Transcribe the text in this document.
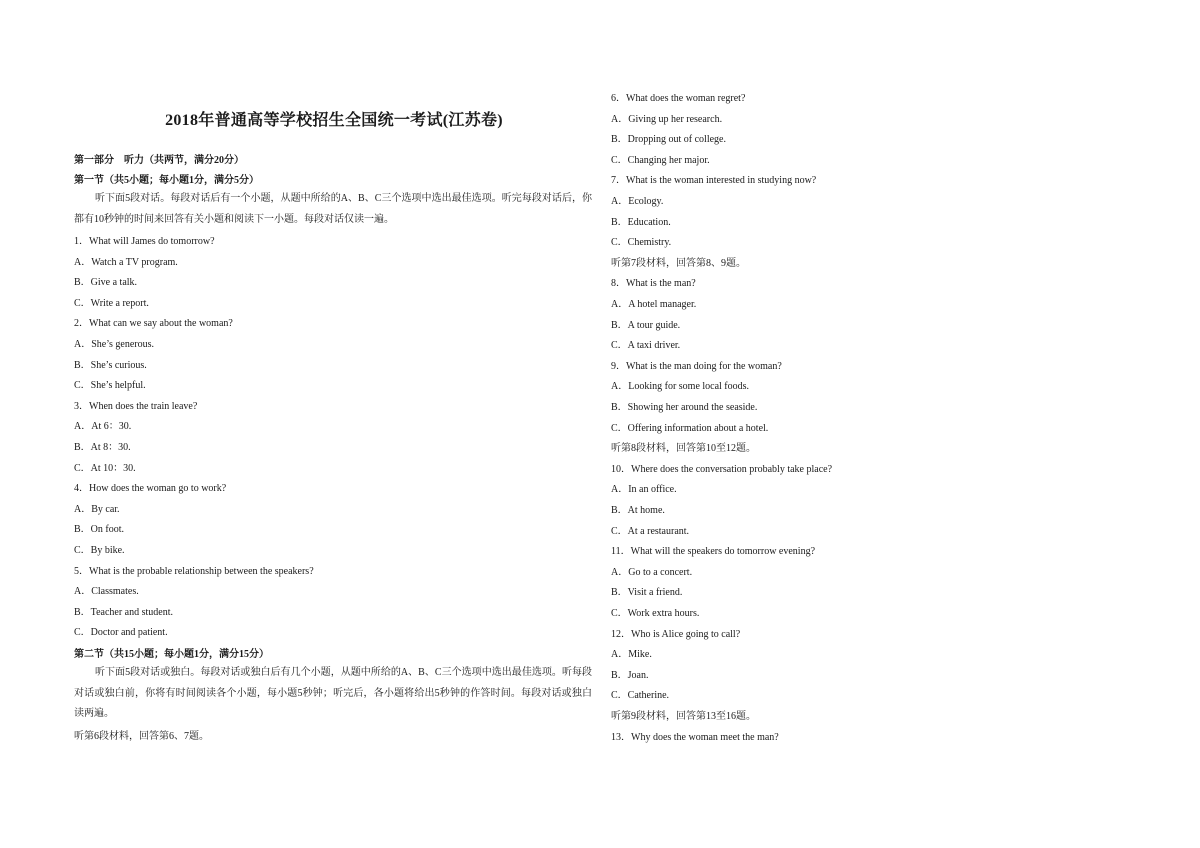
2018年普通高等学校招生全国统一考试(江苏卷)
第一部分　听力（共两节，满分20分）
第一节（共5小题；每小题1分，满分5分）
听下面5段对话。每段对话后有一个小题，从题中所给的A、B、C三个选项中选出最佳选项。听完每段对话后，你都有10秒钟的时间来回答有关小题和阅读下一小题。每段对话仅读一遍。
1．What will James do tomorrow?
A．Watch a TV program.
B．Give a talk.
C．Write a report.
2．What can we say about the woman?
A．She’s generous.
B．She’s curious.
C．She’s helpful.
3．When does the train leave?
A．At 6：30.
B．At 8：30.
C．At 10：30.
4．How does the woman go to work?
A．By car.
B．On foot.
C．By bike.
5．What is the probable relationship between the speakers?
A．Classmates.
B．Teacher and student.
C．Doctor and patient.
第二节（共15小题；每小题1分，满分15分）
听下面5段对话或独白。每段对话或独白后有几个小题，从题中所给的A、B、C三个选项中选出最佳选项。听每段对话或独白前，你将有时间阅读各个小题，每小题5秒钟；听完后，各小题将给出5秒钟的作答时间。每段对话或独白读两遍。
听第6段材料，回答第6、7题。
6．What does the woman regret?
A．Giving up her research.
B．Dropping out of college.
C．Changing her major.
7．What is the woman interested in studying now?
A．Ecology.
B．Education.
C．Chemistry.
听第7段材料，回答第8、9题。
8．What is the man?
A．A hotel manager.
B．A tour guide.
C．A taxi driver.
9．What is the man doing for the woman?
A．Looking for some local foods.
B．Showing her around the seaside.
C．Offering information about a hotel.
听第8段材料，回答第10至12题。
10．Where does the conversation probably take place?
A．In an office.
B．At home.
C．At a restaurant.
11．What will the speakers do tomorrow evening?
A．Go to a concert.
B．Visit a friend.
C．Work extra hours.
12．Who is Alice going to call?
A．Mike.
B．Joan.
C．Catherine.
听第9段材料，回答第13至16题。
13．Why does the woman meet the man?
